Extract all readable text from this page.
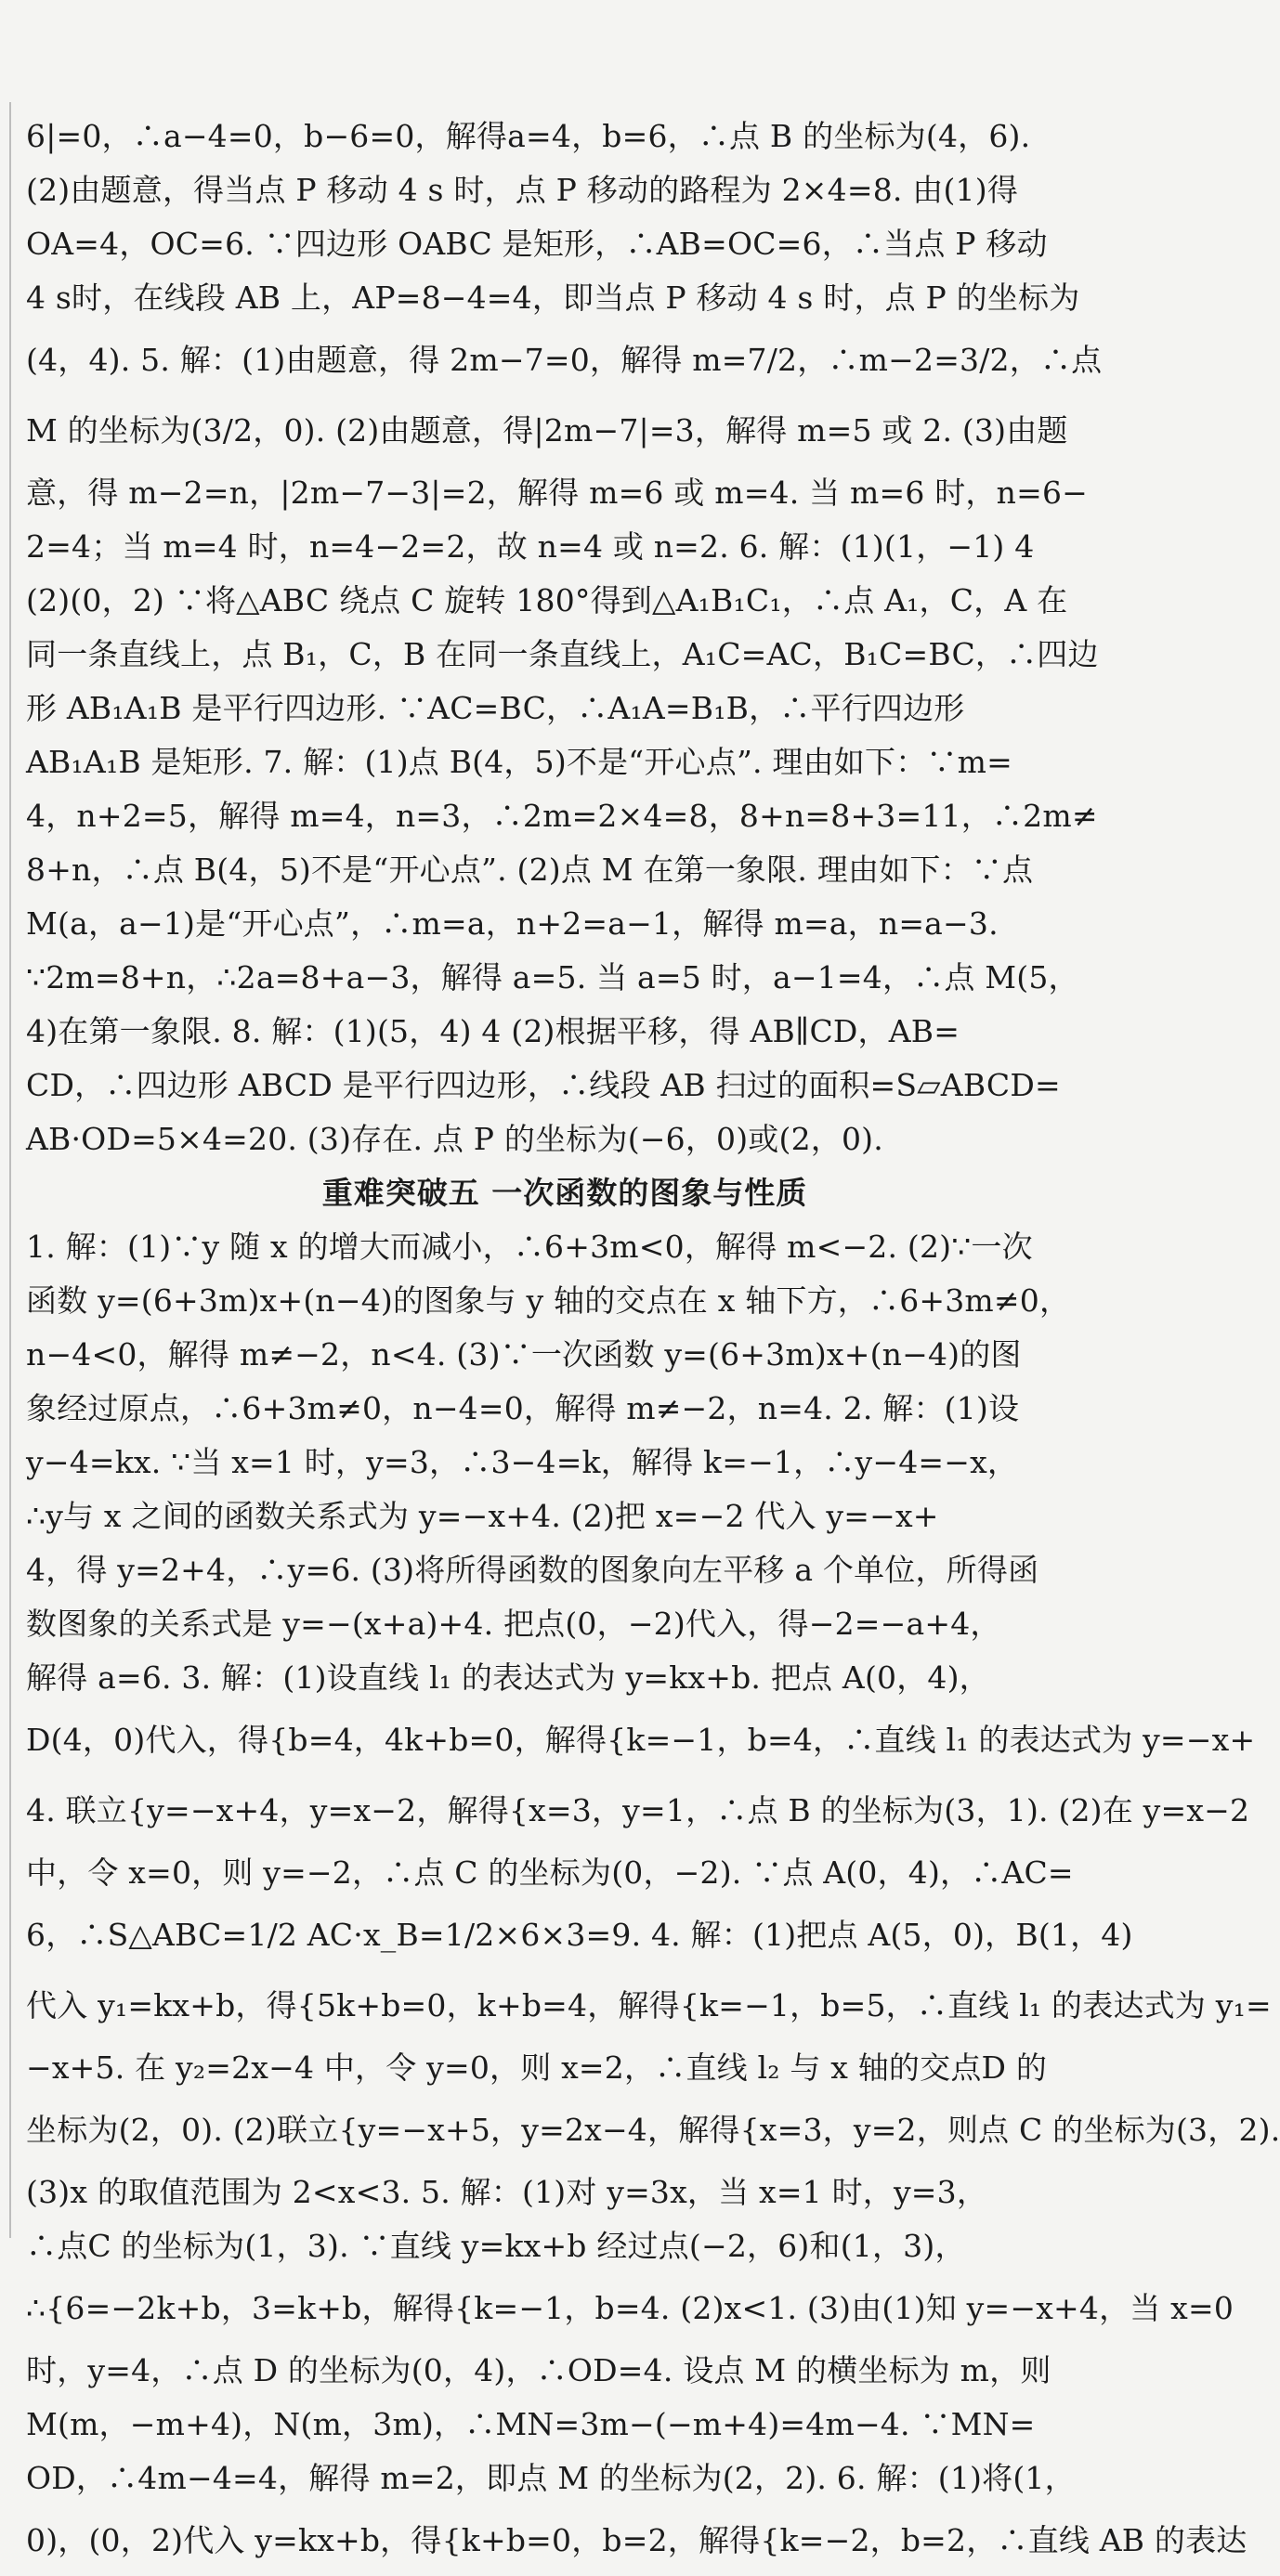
6|=0，∴a−4=0，b−6=0，解得a=4，b=6，∴点 B 的坐标为(4，6).
(2)由题意，得当点 P 移动 4 s 时，点 P 移动的路程为 2×4=8. 由(1)得
OA=4，OC=6. ∵四边形 OABC 是矩形，∴AB=OC=6，∴当点 P 移动
4 s时，在线段 AB 上，AP=8−4=4，即当点 P 移动 4 s 时，点 P 的坐标为
(4，4). 5. 解：(1)由题意，得 2m−7=0，解得 m=7/2，∴m−2=3/2，∴点
M 的坐标为(3/2，0). (2)由题意，得|2m−7|=3，解得 m=5 或 2. (3)由题
意，得 m−2=n，|2m−7−3|=2，解得 m=6 或 m=4. 当 m=6 时，n=6−
2=4；当 m=4 时，n=4−2=2，故 n=4 或 n=2. 6. 解：(1)(1，−1) 4
(2)(0，2) ∵将△ABC 绕点 C 旋转 180°得到△A₁B₁C₁，∴点 A₁，C，A 在
同一条直线上，点 B₁，C，B 在同一条直线上，A₁C=AC，B₁C=BC，∴四边
形 AB₁A₁B 是平行四边形. ∵AC=BC，∴A₁A=B₁B，∴平行四边形
AB₁A₁B 是矩形. 7. 解：(1)点 B(4，5)不是“开心点”. 理由如下：∵m=
4，n+2=5，解得 m=4，n=3，∴2m=2×4=8，8+n=8+3=11，∴2m≠
8+n，∴点 B(4，5)不是“开心点”. (2)点 M 在第一象限. 理由如下：∵点
M(a，a−1)是“开心点”，∴m=a，n+2=a−1，解得 m=a，n=a−3.
∵2m=8+n，∴2a=8+a−3，解得 a=5. 当 a=5 时，a−1=4，∴点 M(5，
4)在第一象限. 8. 解：(1)(5，4) 4 (2)根据平移，得 AB∥CD，AB=
CD，∴四边形 ABCD 是平行四边形，∴线段 AB 扫过的面积=S▱ABCD=
AB·OD=5×4=20. (3)存在. 点 P 的坐标为(−6，0)或(2，0).
重难突破五 一次函数的图象与性质
1. 解：(1)∵y 随 x 的增大而减小，∴6+3m<0，解得 m<−2. (2)∵一次
函数 y=(6+3m)x+(n−4)的图象与 y 轴的交点在 x 轴下方，∴6+3m≠0，
n−4<0，解得 m≠−2，n<4. (3)∵一次函数 y=(6+3m)x+(n−4)的图
象经过原点，∴6+3m≠0，n−4=0，解得 m≠−2，n=4. 2. 解：(1)设
y−4=kx. ∵当 x=1 时，y=3，∴3−4=k，解得 k=−1，∴y−4=−x，
∴y与 x 之间的函数关系式为 y=−x+4. (2)把 x=−2 代入 y=−x+
4，得 y=2+4，∴y=6. (3)将所得函数的图象向左平移 a 个单位，所得函
数图象的关系式是 y=−(x+a)+4. 把点(0，−2)代入，得−2=−a+4，
解得 a=6. 3. 解：(1)设直线 l₁ 的表达式为 y=kx+b. 把点 A(0，4)，
D(4，0)代入，得{b=4，4k+b=0，解得{k=−1，b=4，∴直线 l₁ 的表达式为 y=−x+
4. 联立{y=−x+4，y=x−2，解得{x=3，y=1，∴点 B 的坐标为(3，1). (2)在 y=x−2
中，令 x=0，则 y=−2，∴点 C 的坐标为(0，−2). ∵点 A(0，4)，∴AC=
6，∴S△ABC=1/2 AC·x_B=1/2×6×3=9. 4. 解：(1)把点 A(5，0)，B(1，4)
代入 y₁=kx+b，得{5k+b=0，k+b=4，解得{k=−1，b=5，∴直线 l₁ 的表达式为 y₁=
−x+5. 在 y₂=2x−4 中，令 y=0，则 x=2，∴直线 l₂ 与 x 轴的交点D 的
坐标为(2，0). (2)联立{y=−x+5，y=2x−4，解得{x=3，y=2，则点 C 的坐标为(3，2).
(3)x 的取值范围为 2<x<3. 5. 解：(1)对 y=3x，当 x=1 时，y=3，
∴点C 的坐标为(1，3). ∵直线 y=kx+b 经过点(−2，6)和(1，3)，
∴{6=−2k+b，3=k+b，解得{k=−1，b=4. (2)x<1. (3)由(1)知 y=−x+4，当 x=0
时，y=4，∴点 D 的坐标为(0，4)，∴OD=4. 设点 M 的横坐标为 m，则
M(m，−m+4)，N(m，3m)，∴MN=3m−(−m+4)=4m−4. ∵MN=
OD，∴4m−4=4，解得 m=2，即点 M 的坐标为(2，2). 6. 解：(1)将(1，
0)，(0，2)代入 y=kx+b，得{k+b=0，b=2，解得{k=−2，b=2，∴直线 AB 的表达
